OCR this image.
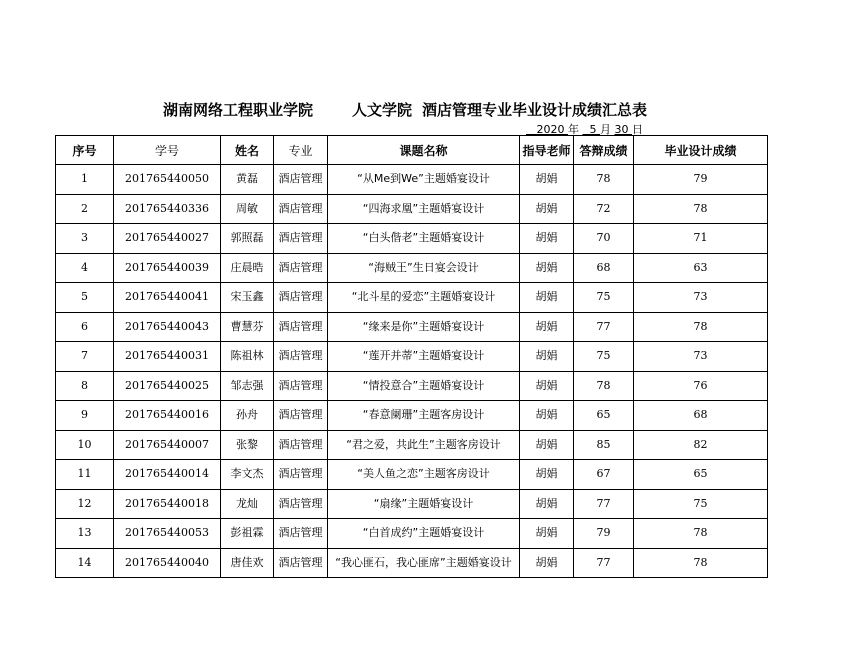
湖南网络工程职业学院	人文学院 酒店管理专业毕业设计成绩汇总表
2020 年 5 月 30 日
序号	学号	姓名	专业	课题名称	指导老师	答辩成绩	毕业设计成绩
1	201765440050	黄磊	酒店管理	“从Me到We”主题婚宴设计	胡娟	78	79
2	201765440336	周敏	酒店管理	“四海求凰”主题婚宴设计	胡娟	72	78
3	201765440027	郭照磊	酒店管理	“白头偕老”主题婚宴设计	胡娟	70	71
4	201765440039	庄晨晧	酒店管理	“海贼王”生日宴会设计	胡娟	68	63
5	201765440041	宋玉鑫	酒店管理	“北斗星的爱恋”主题婚宴设计	胡娟	75	73
6	201765440043	曹慧芬	酒店管理	“缘来是你”主题婚宴设计	胡娟	77	78
7	201765440031	陈祖林	酒店管理	“莲开并蒂”主题婚宴设计	胡娟	75	73
8	201765440025	邹志强	酒店管理	“情投意合”主题婚宴设计	胡娟	78	76
9	201765440016	孙舟	酒店管理	“春意阑珊”主题客房设计	胡娟	65	68
10	201765440007	张黎	酒店管理	“君之爱，共此生”主题客房设计	胡娟	85	82
11	201765440014	李文杰	酒店管理	“美人鱼之恋”主题客房设计	胡娟	67	65
12	201765440018	龙灿	酒店管理	“扇缘”主题婚宴设计	胡娟	77	75
13	201765440053	彭祖霖	酒店管理	“白首成约”主题婚宴设计	胡娟	79	78
14	201765440040	唐佳欢	酒店管理	“我心匪石，我心匪席”主题婚宴设计	胡娟	77	78
